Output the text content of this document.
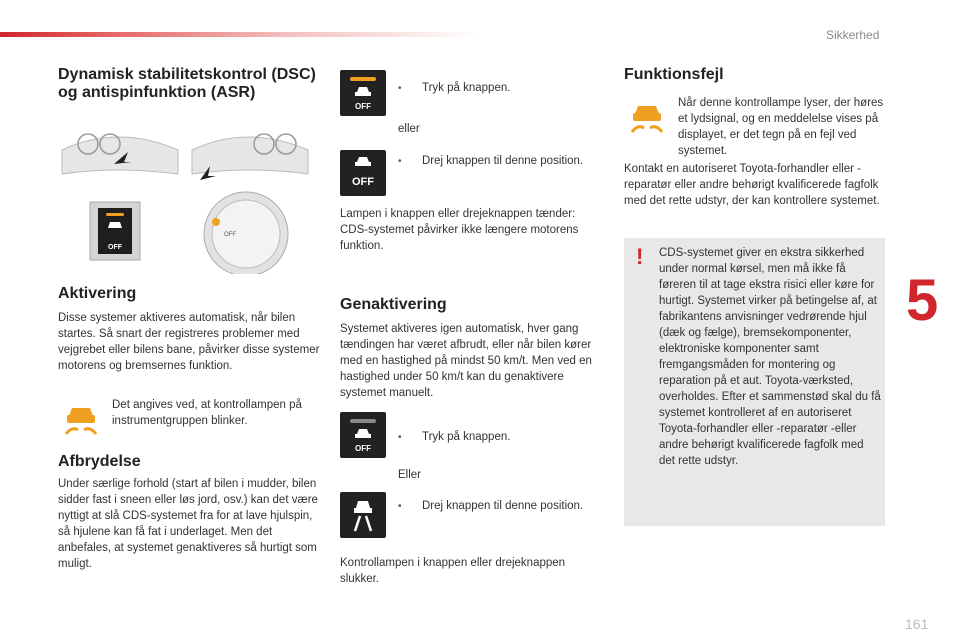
Sikkerhed
5
161
Dynamisk stabilitetskontrol (DSC) og antispinfunktion (ASR)
OFF
OFF
Aktivering
Disse systemer aktiveres automatisk, når bilen startes. Så snart der registreres problemer med vejgrebet eller bilens bane, påvirker disse systemer motorens og bremsernes funktion.
Det angives ved, at kontrollampen på instrumentgruppen blinker.
Afbrydelse
Under særlige forhold (start af bilen i mudder, bilen sidder fast i sneen eller løs jord, osv.) kan det være nyttigt at slå CDS-systemet fra for at lave hjulspin, så hjulene kan få fat i underlaget. Men det anbefales, at systemet genaktiveres så hurtigt som muligt.
OFF
• Tryk på knappen.
eller
OFF
• Drej knappen til denne position.
Lampen i knappen eller drejeknappen tænder: CDS-systemet påvirker ikke længere motorens funktion.
Genaktivering
Systemet aktiveres igen automatisk, hver gang tændingen har været afbrudt, eller når bilen kører med en hastighed på mindst 50 km/t. Men ved en hastighed under 50 km/t kan du genaktivere systemet manuelt.
OFF
• Tryk på knappen.
Eller
• Drej knappen til denne position.
Kontrollampen i knappen eller drejeknappen slukker.
Funktionsfejl
Når denne kontrollampe lyser, der høres et lydsignal, og en meddelelse vises på displayet, er det tegn på en fejl ved systemet.
Kontakt en autoriseret Toyota-forhandler eller -reparatør eller andre behørigt kvalificerede fagfolk med det rette udstyr, der kan kontrollere systemet.
! CDS-systemet giver en ekstra sikkerhed under normal kørsel, men må ikke få føreren til at tage ekstra risici eller køre for hurtigt. Systemet virker på betingelse af, at fabrikantens anvisninger vedrørende hjul (dæk og fælge), bremsekomponenter, elektroniske komponenter samt fremgangsmåden for montering og reparation på et aut. Toyota-værksted, overholdes. Efter et sammenstød skal du få systemet kontrolleret af en autoriseret Toyota-forhandler eller -reparatør -eller andre behørigt kvalificerede fagfolk med det rette udstyr.
